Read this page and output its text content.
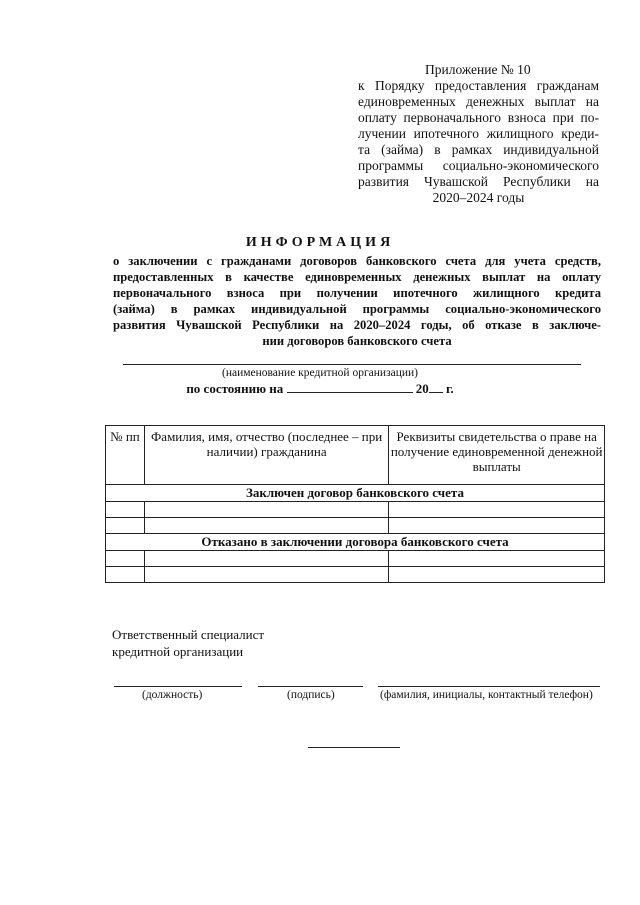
Приложение № 10
к Порядку предоставления гражданам
единовременных денежных выплат на
оплату первоначального взноса при по-
лучении ипотечного жилищного креди-
та (займа) в рамках индивидуальной
программы социально-экономического
развития Чувашской Республики на
2020–2024 годы
ИНФОРМАЦИЯ
о заключении с гражданами договоров банковского счета для учета средств,
предоставленных в качестве единовременных денежных выплат на оплату
первоначального взноса при получении ипотечного жилищного кредита
(займа) в рамках индивидуальной программы социально-экономического
развития Чувашской Республики на 2020–2024 годы, об отказе в заключе-
нии договоров банковского счета
(наименование кредитной организации)
по состоянию на	20 г.
№ пп	Фамилия, имя, отчество (последнее – при наличии) гражданина	Реквизиты свидетельства о праве на получение единовременной денежной выплаты
Заключен договор банковского счета		

Отказано в заключении договора банковского счета		

Ответственный специалист
кредитной организации
(должность)	(подпись)	(фамилия, инициалы, контактный телефон)
